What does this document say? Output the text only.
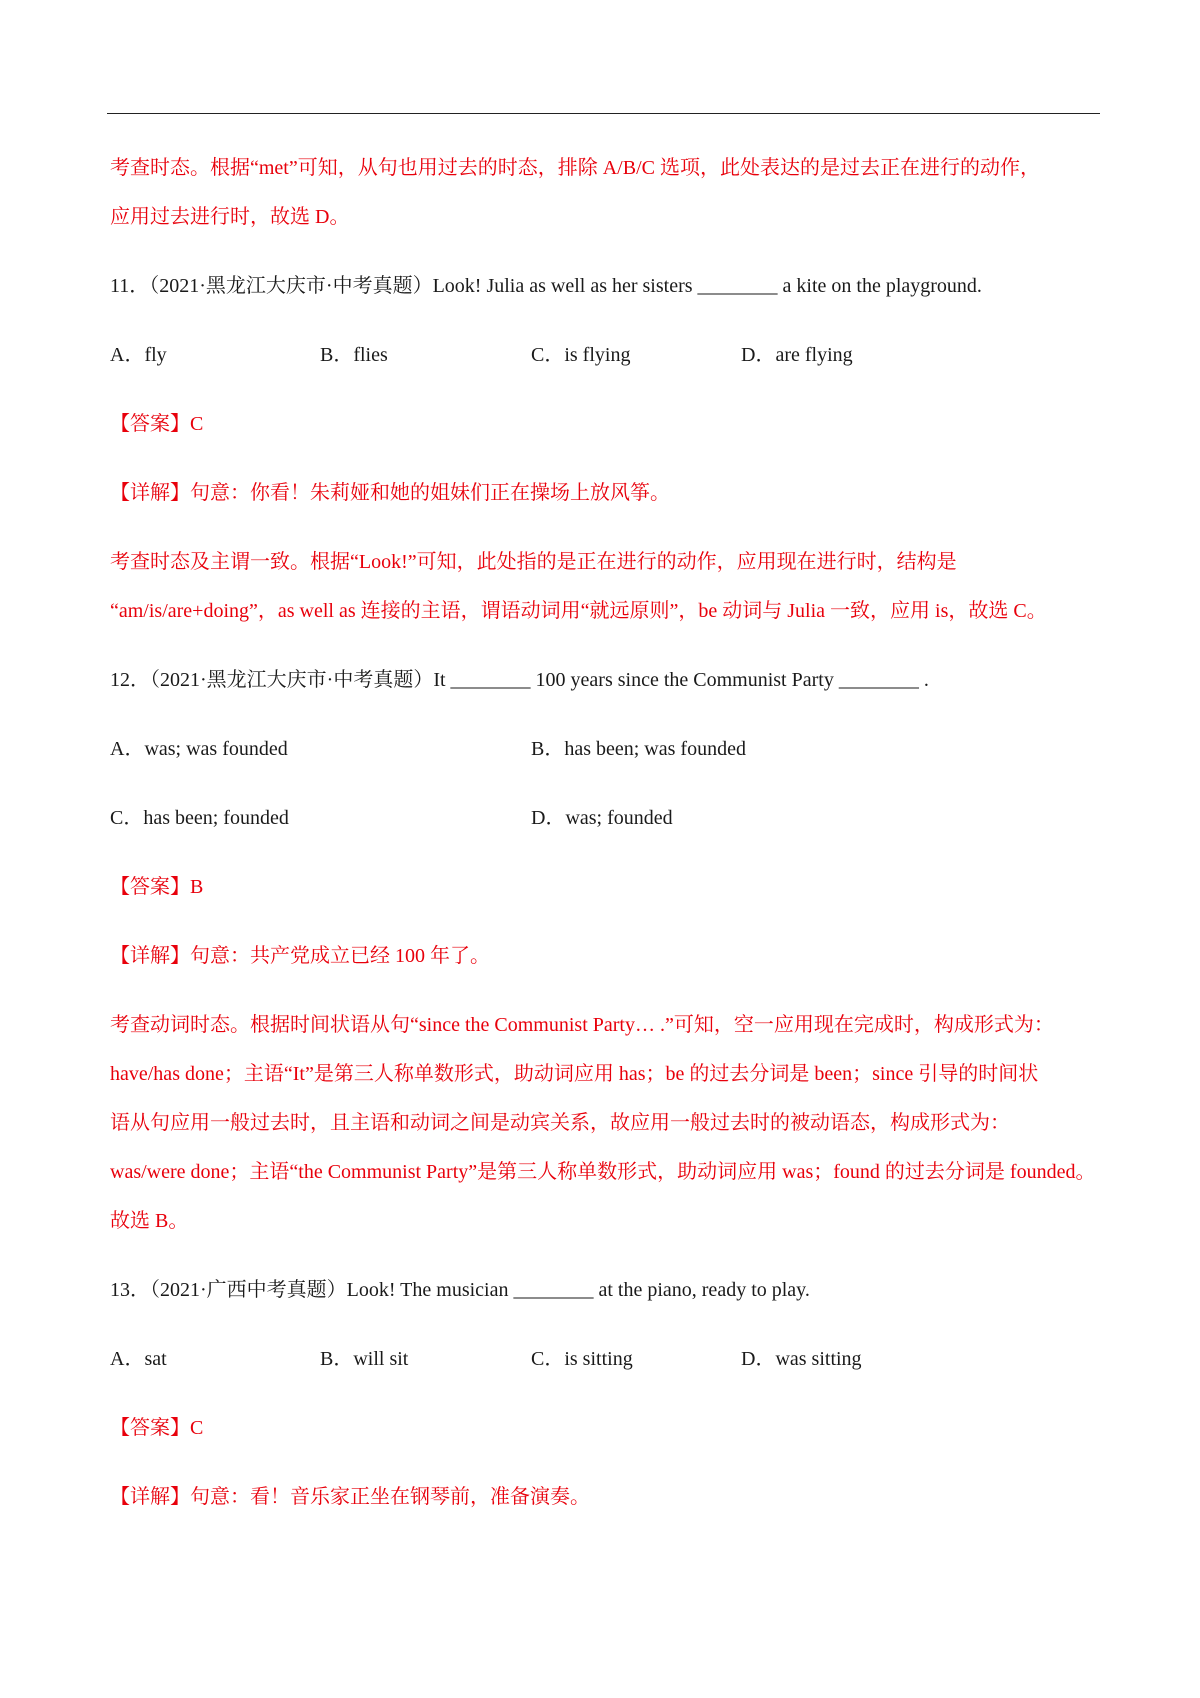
考查时态。根据“met”可知，从句也用过去的时态，排除 A/B/C 选项，此处表达的是过去正在进行的动作，
应用过去进行时，故选 D。
11．（2021·黑龙江大庆市·中考真题）Look! Julia as well as her sisters ________ a kite on the playground.
A．fly	B．flies	C．is flying	D．are flying
【答案】C
【详解】句意：你看！朱莉娅和她的姐妹们正在操场上放风筝。
考查时态及主谓一致。根据“Look!”可知，此处指的是正在进行的动作，应用现在进行时，结构是
“am/is/are+doing”，as well as 连接的主语，谓语动词用“就远原则”，be 动词与 Julia 一致，应用 is，故选 C。
12．（2021·黑龙江大庆市·中考真题）It ________ 100 years since the Communist Party ________ .
A．was; was founded	B．has been; was founded
C．has been; founded	D．was; founded
【答案】B
【详解】句意：共产党成立已经 100 年了。
考查动词时态。根据时间状语从句“since the Communist Party… .”可知，空一应用现在完成时，构成形式为：
have/has done；主语“It”是第三人称单数形式，助动词应用 has；be 的过去分词是 been；since 引导的时间状
语从句应用一般过去时，且主语和动词之间是动宾关系，故应用一般过去时的被动语态，构成形式为：
was/were done；主语“the Communist Party”是第三人称单数形式，助动词应用 was；found 的过去分词是 founded。
故选 B。
13．（2021·广西中考真题）Look! The musician ________ at the piano, ready to play.
A．sat	B．will sit	C．is sitting	D．was sitting
【答案】C
【详解】句意：看！音乐家正坐在钢琴前，准备演奏。
